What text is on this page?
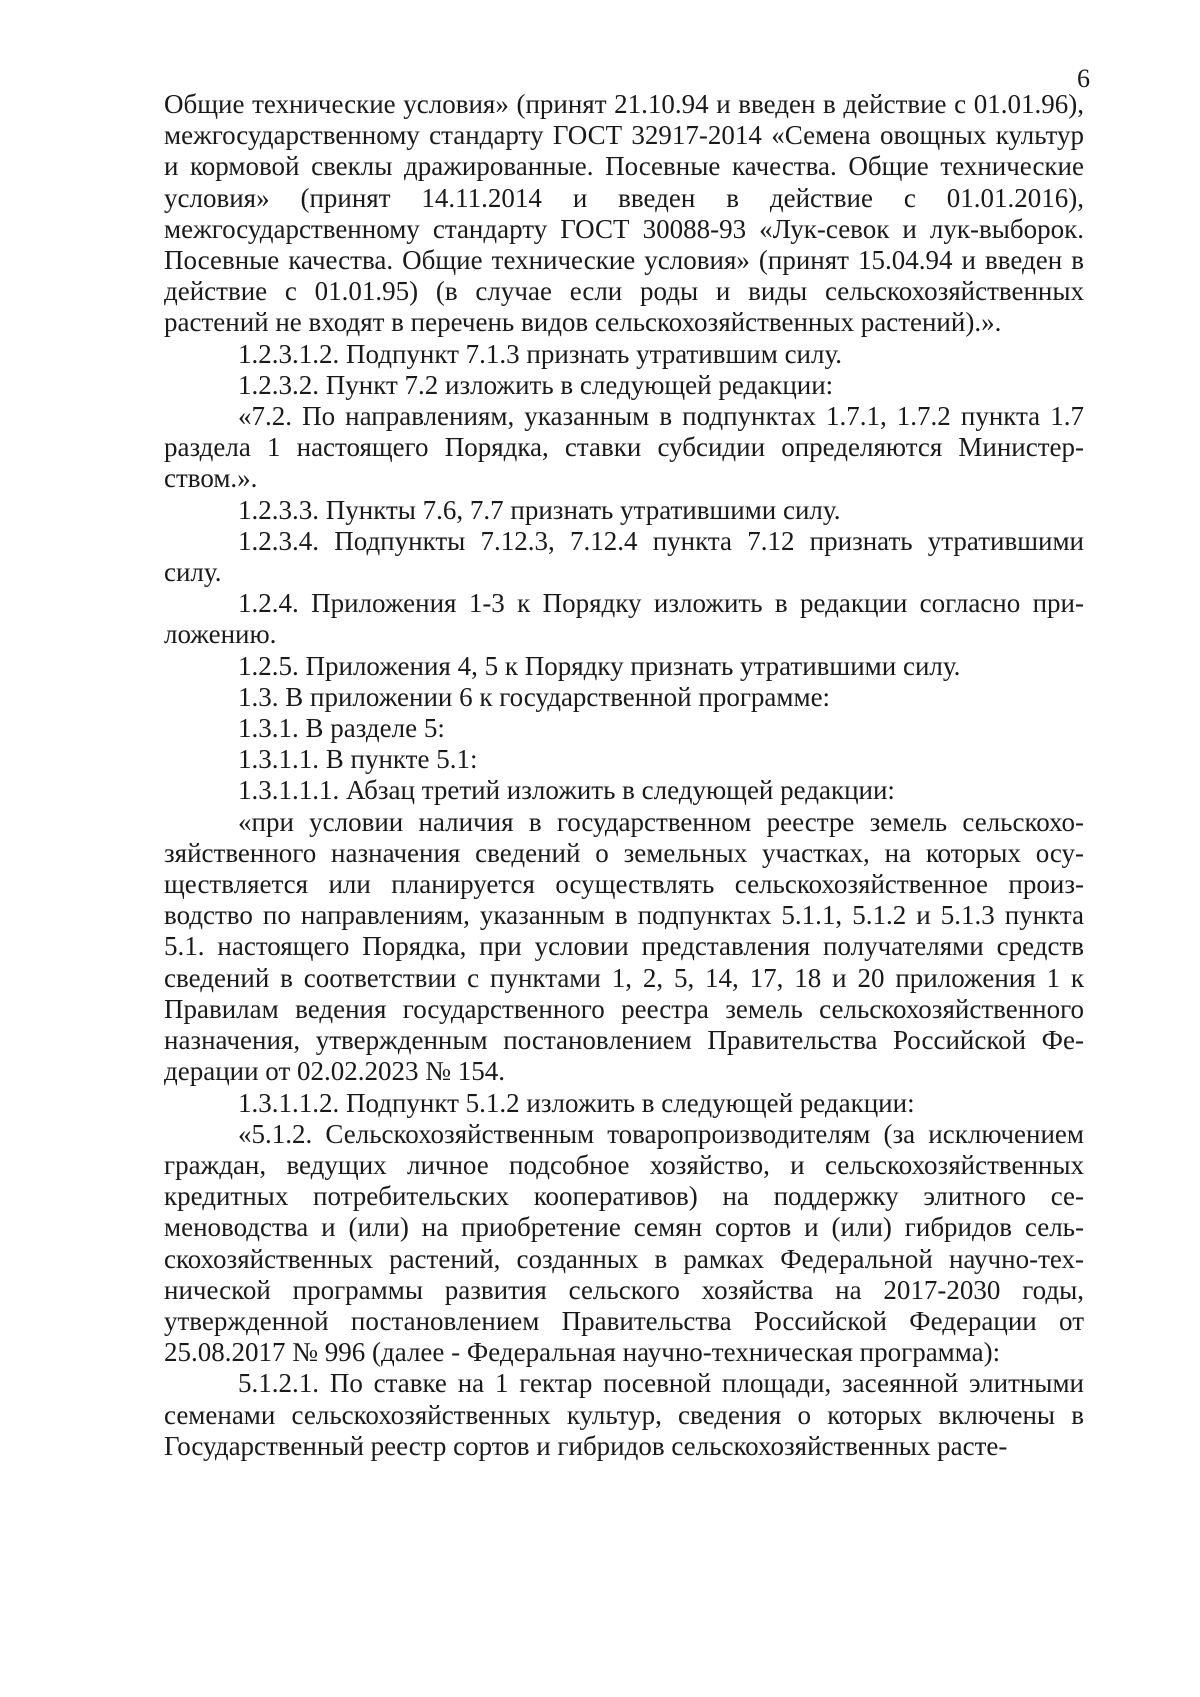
6

Общие технические условия» (принят 21.10.94 и введен в действие с 01.01.96), межгосударственному стандарту ГОСТ 32917-2014 «Семена овощных культур и кормовой свеклы дражированные. Посевные качества. Общие технические условия» (принят 14.11.2014 и введен в действие с 01.01.2016), межгосударственному стандарту ГОСТ 30088-93 «Лук-севок и лук-выборок. Посевные качества. Общие технические условия» (принят 15.04.94 и введен в действие с 01.01.95) (в случае если роды и виды сельскохозяйственных растений не входят в перечень видов сельскохозяйственных растений).».

1.2.3.1.2. Подпункт 7.1.3 признать утратившим силу.

1.2.3.2. Пункт 7.2 изложить в следующей редакции:

«7.2. По направлениям, указанным в подпунктах 1.7.1, 1.7.2 пункта 1.7 раздела 1 настоящего Порядка, ставки субсидии определяются Министерством.».

1.2.3.3. Пункты 7.6, 7.7 признать утратившими силу.

1.2.3.4. Подпункты 7.12.3, 7.12.4 пункта 7.12 признать утратившими силу.

1.2.4. Приложения 1-3 к Порядку изложить в редакции согласно приложению.

1.2.5. Приложения 4, 5 к Порядку признать утратившими силу.

1.3. В приложении 6 к государственной программе:

1.3.1. В разделе 5:

1.3.1.1. В пункте 5.1:

1.3.1.1.1. Абзац третий изложить в следующей редакции:

«при условии наличия в государственном реестре земель сельскохозяйственного назначения сведений о земельных участках, на которых осуществляется или планируется осуществлять сельскохозяйственное производство по направлениям, указанным в подпунктах 5.1.1, 5.1.2 и 5.1.3 пункта 5.1. настоящего Порядка, при условии представления получателями средств сведений в соответствии с пунктами 1, 2, 5, 14, 17, 18 и 20 приложения 1 к Правилам ведения государственного реестра земель сельскохозяйственного назначения, утвержденным постановлением Правительства Российской Федерации от 02.02.2023 № 154.

1.3.1.1.2. Подпункт 5.1.2 изложить в следующей редакции:

«5.1.2. Сельскохозяйственным товаропроизводителям (за исключением граждан, ведущих личное подсобное хозяйство, и сельскохозяйственных кредитных потребительских кооперативов) на поддержку элитного семеноводства и (или) на приобретение семян сортов и (или) гибридов сельскохозяйственных растений, созданных в рамках Федеральной научно-технической программы развития сельского хозяйства на 2017-2030 годы, утвержденной постановлением Правительства Российской Федерации от 25.08.2017 № 996 (далее - Федеральная научно-техническая программа):

5.1.2.1. По ставке на 1 гектар посевной площади, засеянной элитными семенами сельскохозяйственных культур, сведения о которых включены в Государственный реестр сортов и гибридов сельскохозяйственных расте-
